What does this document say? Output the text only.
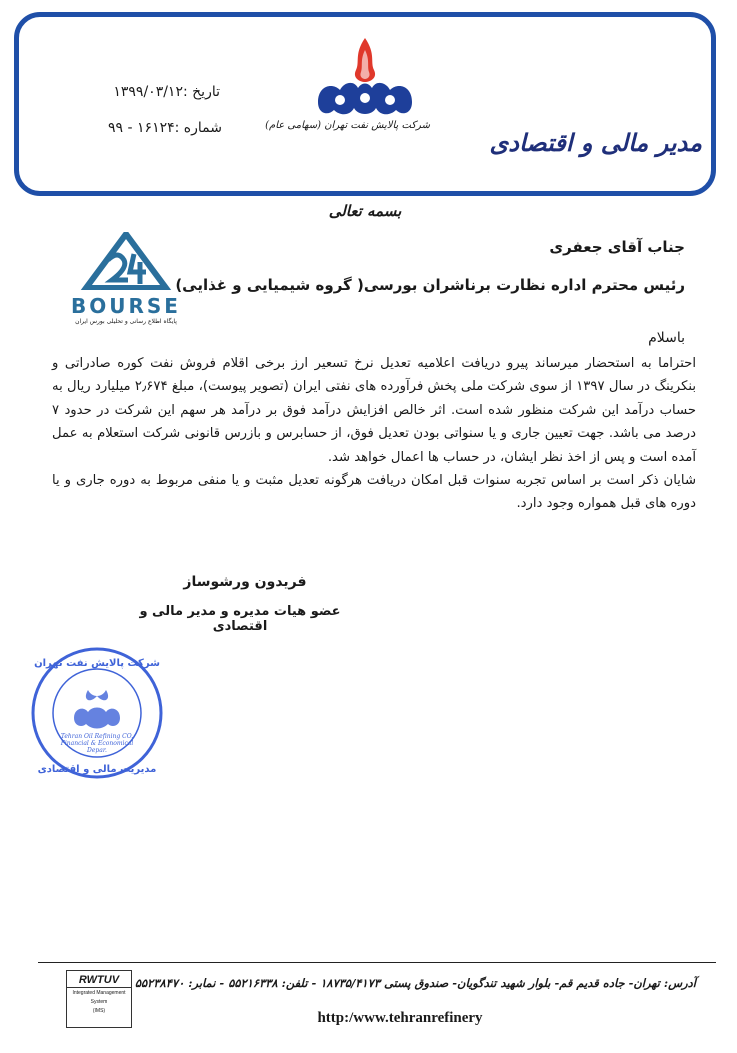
تاریخ :۱۳۹۹/۰۳/۱۲
شماره :۱۶۱۲۴ - ۹۹	شرکت پالایش نفت تهران (سهامی عام)
مدیر مالی و اقتصادی
بسمه تعالی
BOURSE
پایگاه اطلاع رسانی و تحلیلی بورس ایران
جناب آقای جعفری
رئیس محترم اداره نظارت برناشران بورسی( گروه شیمیایی و غذایی)
باسلام

احتراما به استحضار میرساند پیرو دریافت اعلامیه تعدیل نرخ تسعیر ارز برخی اقلام فروش نفت کوره صادراتی و بنکرینگ در سال ۱۳۹۷ از سوی شرکت ملی پخش فرآورده های نفتی ایران (تصویر پیوست)، مبلغ ۲٫۶۷۴ میلیارد ریال به حساب درآمد این شرکت منظور شده است. اثر خالص افزایش درآمد فوق بر درآمد هر سهم این شرکت در حدود ۷ درصد می باشد. جهت تعیین جاری و یا سنواتی بودن تعدیل فوق، از حسابرس و بازرس قانونی شرکت استعلام به عمل آمده است و پس از اخذ نظر ایشان، در حساب ها اعمال خواهد شد.

شایان ذکر است بر اساس تجربه سنوات قبل امکان دریافت هرگونه تعدیل مثبت و یا منفی مربوط به دوره جاری و یا دوره های قبل همواره وجود دارد.

فریدون ورشوساز
عضو هیات مدیره و مدیر مالی و اقتصادی
Tehran Oil Refining CO.
Financial & Economical
Depar.
شرکت پالایش نفت تهران
مدیریت مالی و اقتصادی
آدرس: تهران- جاده قدیم قم- بلوار شهید تندگویان- صندوق پستی ۱۸۷۳۵/۴۱۷۳ - تلفن: ۵۵۲۱۶۳۳۸ - نمابر: ۵۵۲۳۸۴۷۰
RWTUV
Integrated Management
System
(IMS)	http:/www.tehranrefinery
